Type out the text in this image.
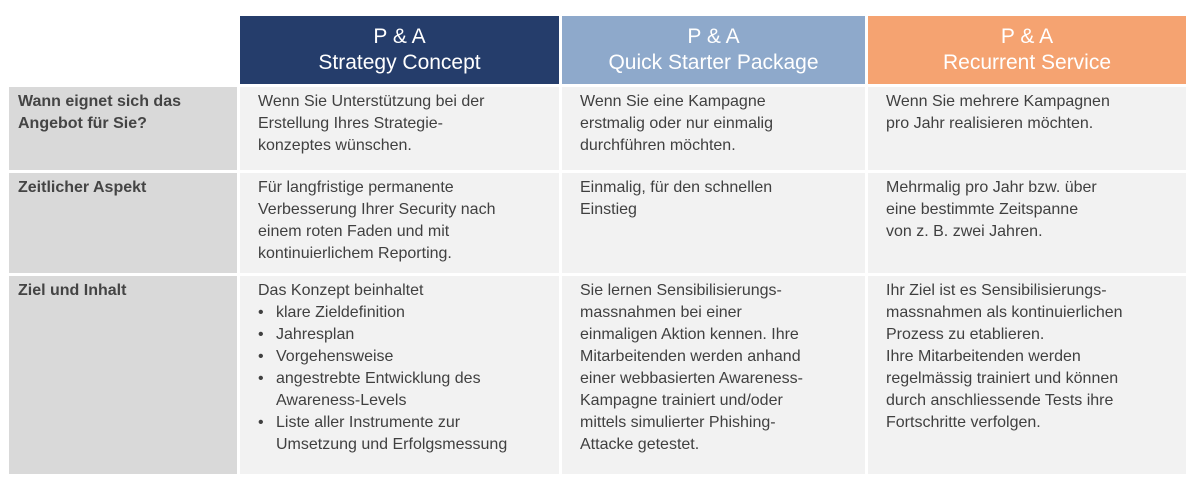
P & A
Strategy Concept
P & A
Quick Starter Package
P & A
Recurrent Service
Wann eignet sich das
Angebot für Sie?
Wenn Sie Unterstützung bei der
Erstellung Ihres Strategie-
konzeptes wünschen.
Wenn Sie eine Kampagne
erstmalig oder nur einmalig
durchführen möchten.
Wenn Sie mehrere Kampagnen
pro Jahr realisieren möchten.
Zeitlicher Aspekt	Für langfristige permanente
Verbesserung Ihrer Security nach
einem roten Faden und mit
kontinuierlichem Reporting.
Einmalig, für den schnellen
Einstieg
Mehrmalig pro Jahr bzw. über
eine bestimmte Zeitspanne
von z. B. zwei Jahren.
Ziel und Inhalt	Das Konzept beinhaltet
• klare Zieldefinition
• Jahresplan
• Vorgehensweise
• angestrebte Entwicklung des
Awareness-Levels
• Liste aller Instrumente zur
Umsetzung und Erfolgsmessung
Sie lernen Sensibilisierungs-
massnahmen bei einer
einmaligen Aktion kennen. Ihre
Mitarbeitenden werden anhand
einer webbasierten Awareness-
Kampagne trainiert und/oder
mittels simulierter Phishing-
Attacke getestet.
Ihr Ziel ist es Sensibilisierungs-
massnahmen als kontinuierlichen
Prozess zu etablieren.
Ihre Mitarbeitenden werden
regelmässig trainiert und können
durch anschliessende Tests ihre
Fortschritte verfolgen.
